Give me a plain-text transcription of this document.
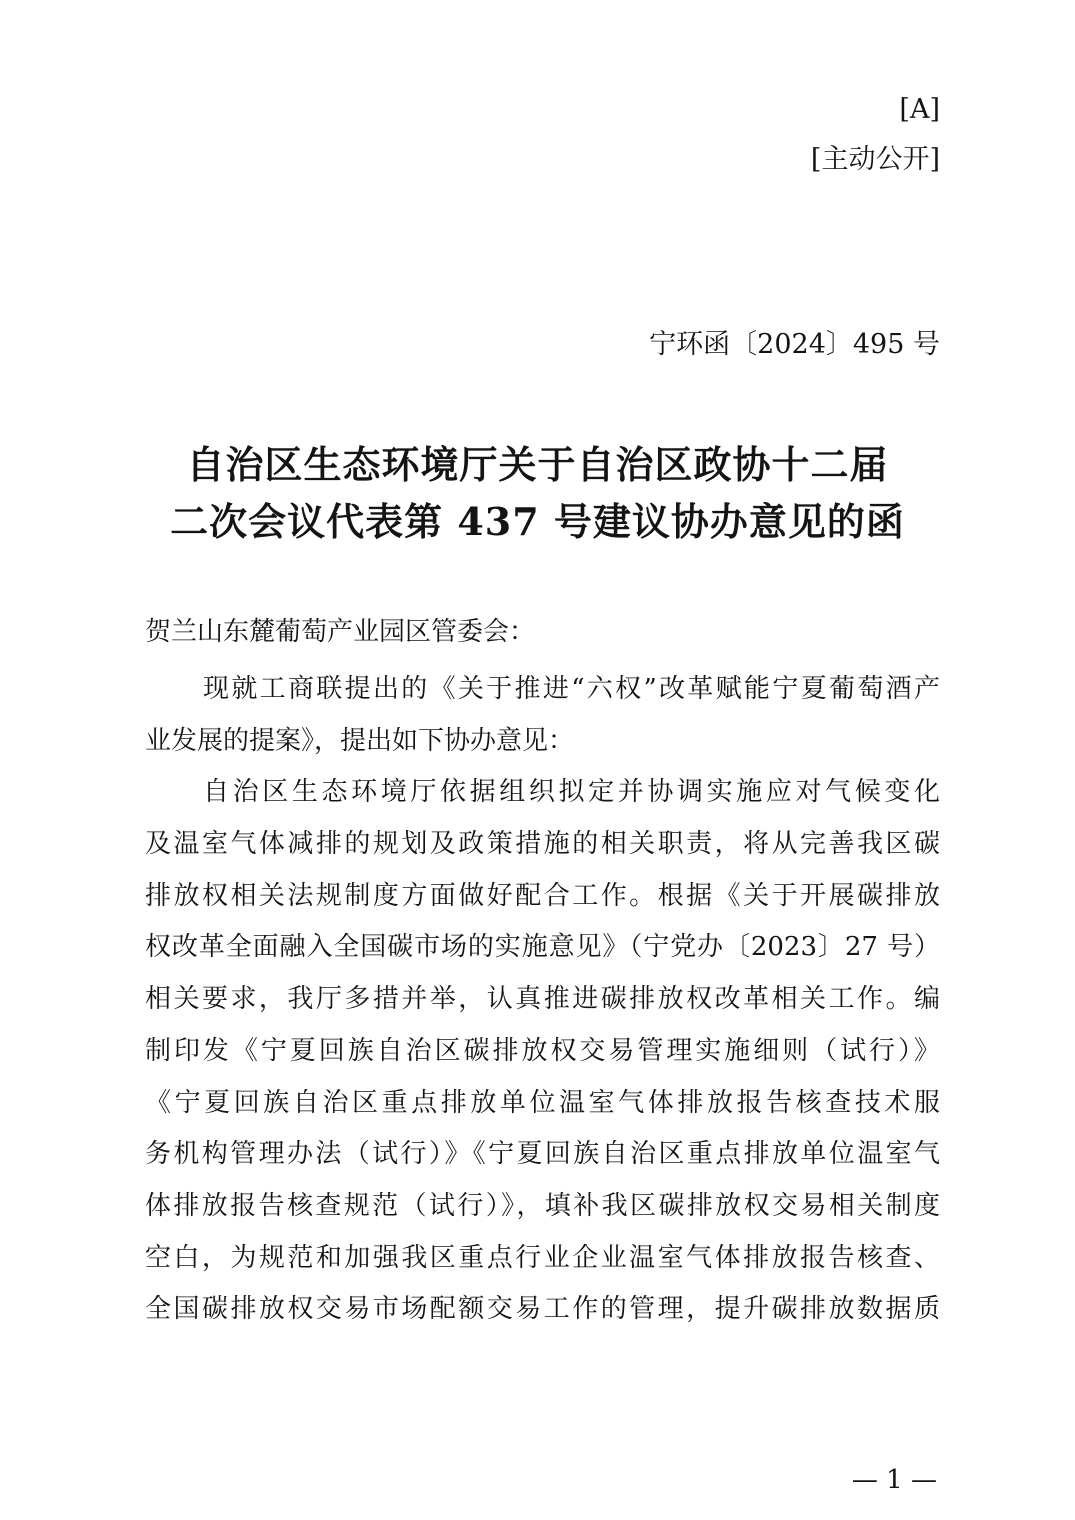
[A]
[主动公开]
宁环函〔2024〕495 号
自治区生态环境厅关于自治区政协十二届
二次会议代表第 437 号建议协办意见的函
贺兰山东麓葡萄产业园区管委会：
现就工商联提出的《关于推进“六权”改革赋能宁夏葡萄酒产
业发展的提案》，提出如下协办意见：
自治区生态环境厅依据组织拟定并协调实施应对气候变化
及温室气体减排的规划及政策措施的相关职责，将从完善我区碳
排放权相关法规制度方面做好配合工作。根据《关于开展碳排放
权改革全面融入全国碳市场的实施意见》（宁党办〔2023〕27 号）
相关要求，我厅多措并举，认真推进碳排放权改革相关工作。编
制印发《宁夏回族自治区碳排放权交易管理实施细则（试行）》
《宁夏回族自治区重点排放单位温室气体排放报告核查技术服
务机构管理办法（试行）》《宁夏回族自治区重点排放单位温室气
体排放报告核查规范（试行）》，填补我区碳排放权交易相关制度
空白，为规范和加强我区重点行业企业温室气体排放报告核查、
全国碳排放权交易市场配额交易工作的管理，提升碳排放数据质
— 1 —
